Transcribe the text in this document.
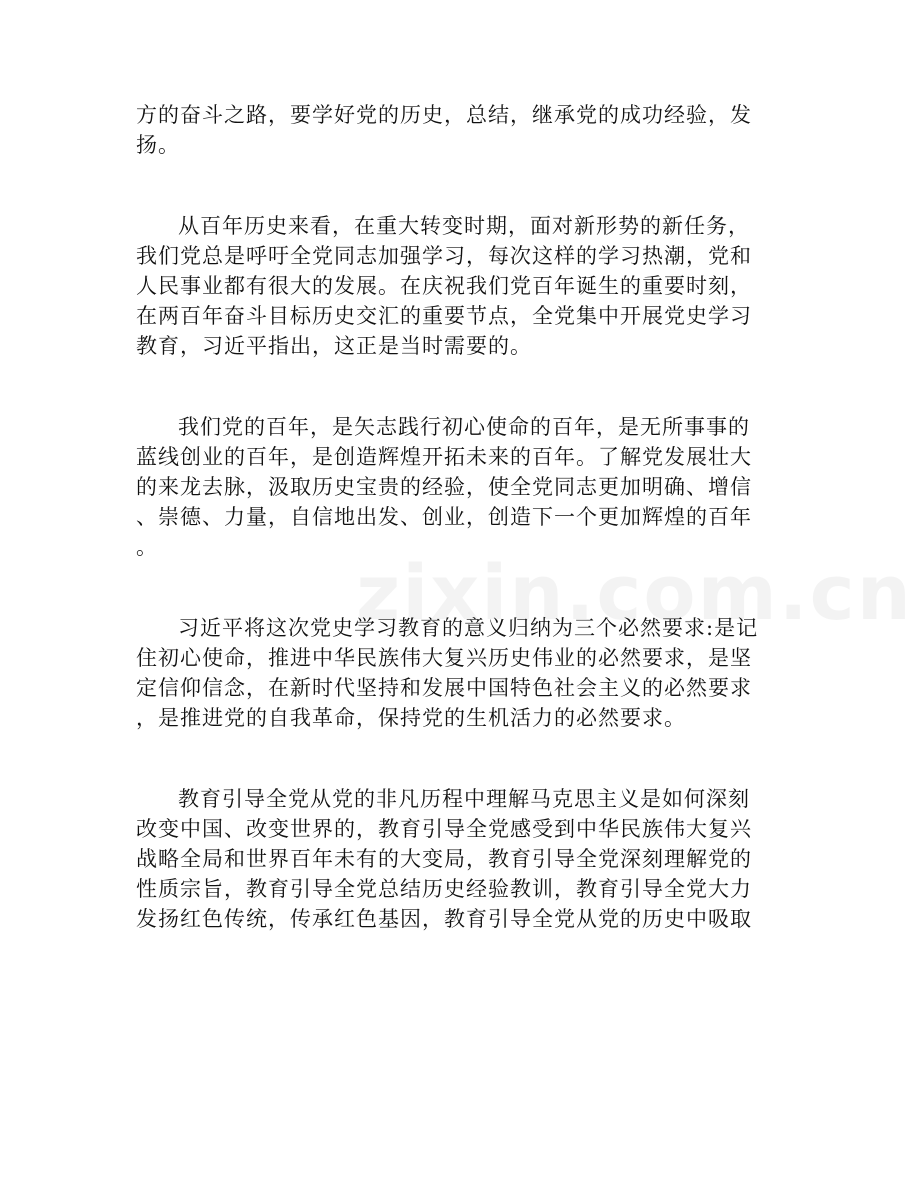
方的奋斗之路，要学好党的历史，总结，继承党的成功经验，发
扬。
从百年历史来看，在重大转变时期，面对新形势的新任务，
我们党总是呼吁全党同志加强学习，每次这样的学习热潮，党和
人民事业都有很大的发展。在庆祝我们党百年诞生的重要时刻，
在两百年奋斗目标历史交汇的重要节点，全党集中开展党史学习
教育，习近平指出，这正是当时需要的。
我们党的百年，是矢志践行初心使命的百年，是无所事事的
蓝线创业的百年，是创造辉煌开拓未来的百年。了解党发展壮大
的来龙去脉，汲取历史宝贵的经验，使全党同志更加明确、增信
、崇德、力量，自信地出发、创业，创造下一个更加辉煌的百年
。
习近平将这次党史学习教育的意义归纳为三个必然要求:是记
住初心使命，推进中华民族伟大复兴历史伟业的必然要求，是坚
定信仰信念，在新时代坚持和发展中国特色社会主义的必然要求
，是推进党的自我革命，保持党的生机活力的必然要求。
教育引导全党从党的非凡历程中理解马克思主义是如何深刻
改变中国、改变世界的，教育引导全党感受到中华民族伟大复兴
战略全局和世界百年未有的大变局，教育引导全党深刻理解党的
性质宗旨，教育引导全党总结历史经验教训，教育引导全党大力
发扬红色传统，传承红色基因，教育引导全党从党的历史中吸取
